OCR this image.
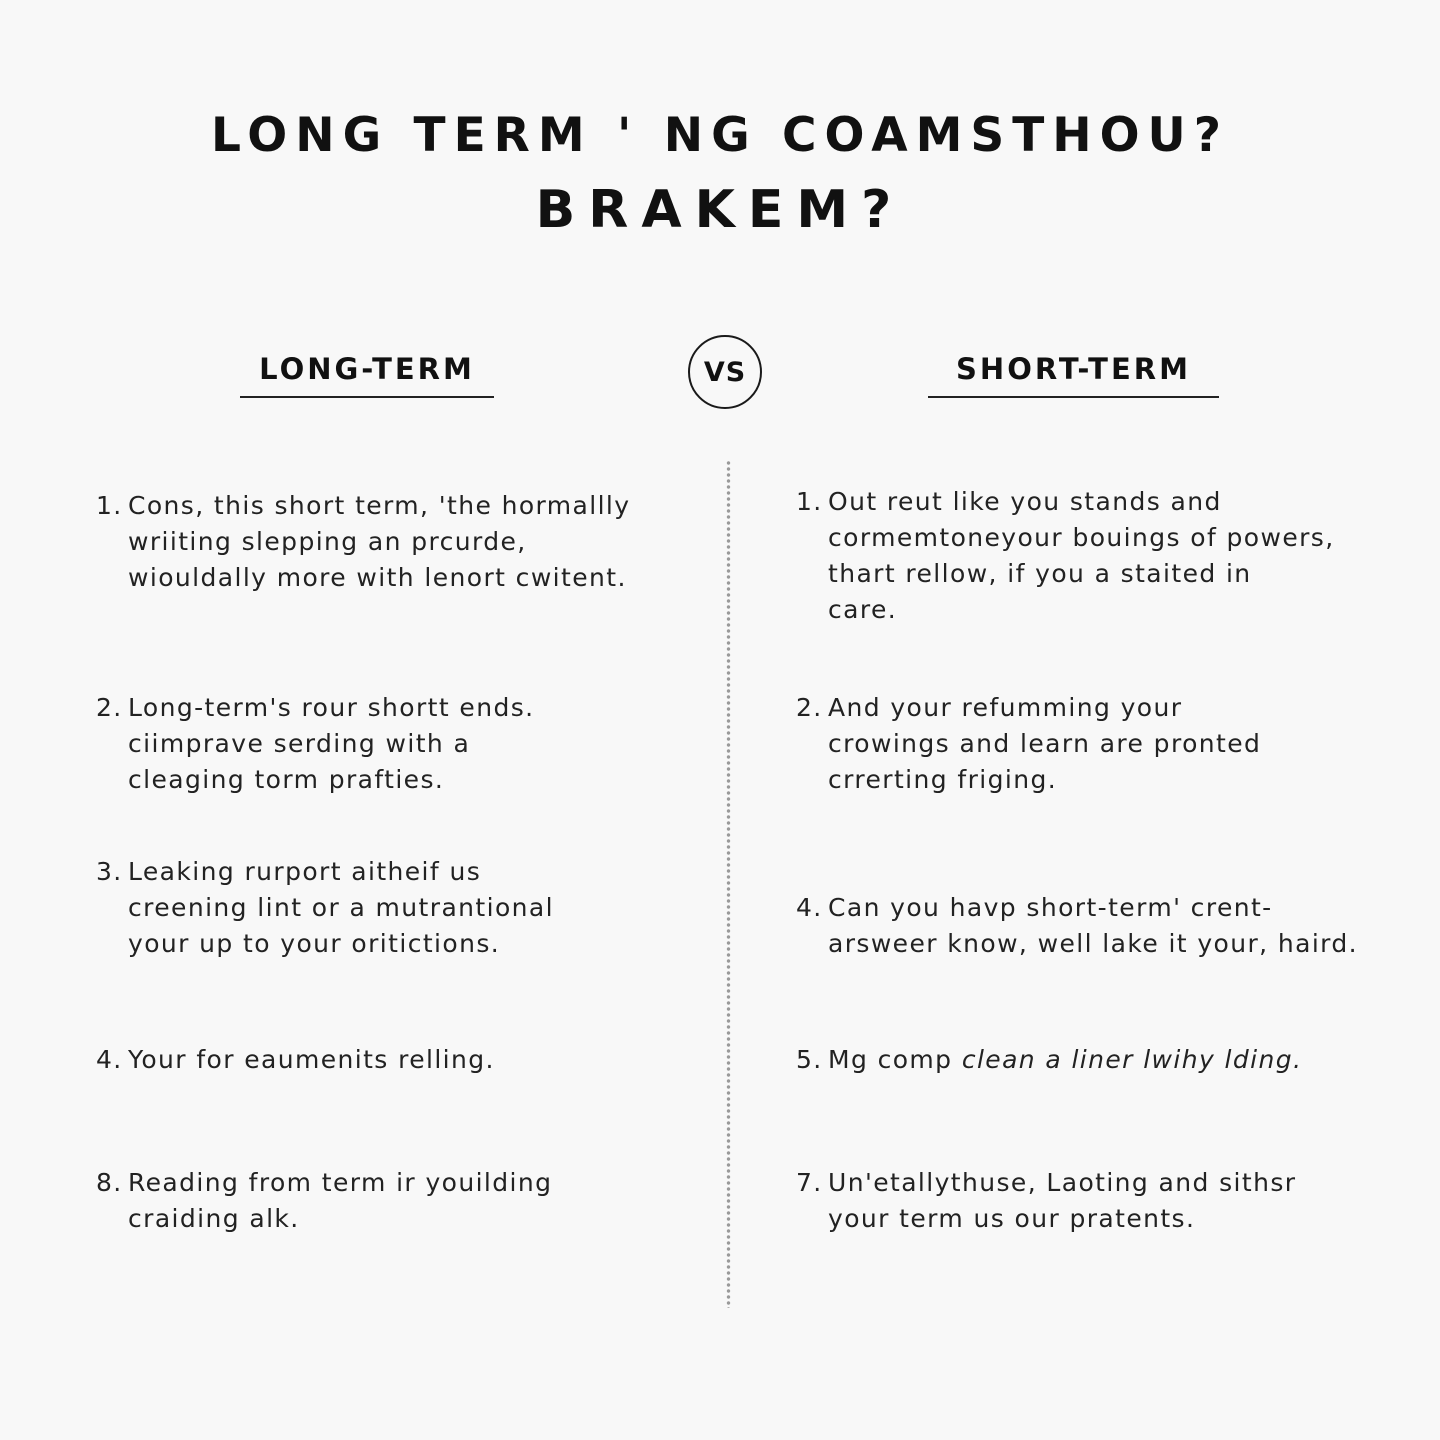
LONG TERM ' NG COAMSTHOU?
BRAKEM?
LONG-TERM	VS	SHORT-TERM
1. Cons, this short term, 'the hormallly
wriiting slepping an prcurde,
wiouldally more with lenort cwitent.
2. Long-term's rour shortt ends.
ciimprave serding with a
cleaging torm prafties.
3. Leaking rurport aitheif us
creening lint or a mutrantional
your up to your oritictions.
4. Your for eaumenits relling.
8. Reading from term ir youilding
craiding alk.
1. Out reut like you stands and
cormemtoneyour bouings of powers,
thart rellow, if you a staited in
care.
2. And your refumming your
crowings and learn are pronted
crrerting friging.
4. Can you havp short-term' crent-
arsweer know, well lake it your, haird.
5. Mg comp clean a liner lwihy lding.
7. Un'etallythuse, Laoting and sithsr
your term us our pratents.
